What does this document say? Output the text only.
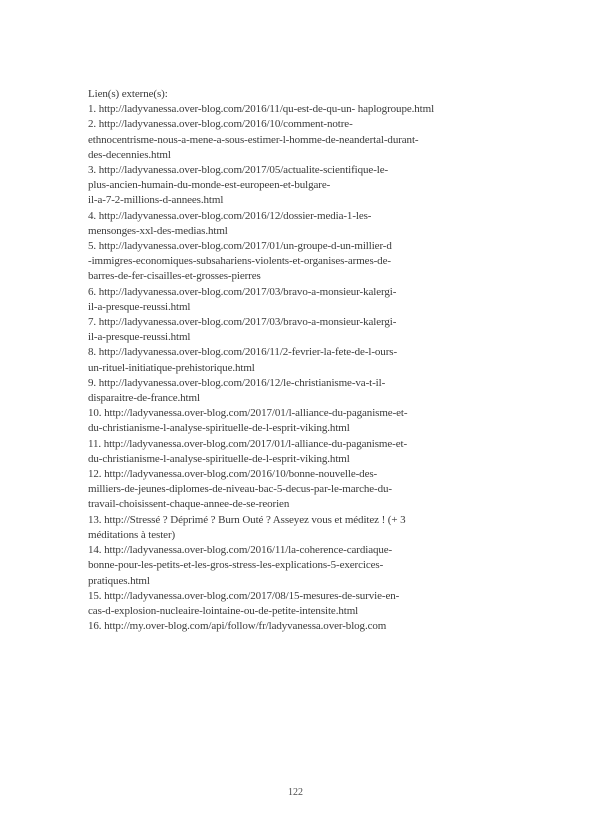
Lien(s) externe(s):

1. http://ladyvanessa.over-blog.com/2016/11/qu-est-de-qu-un- haplogroupe.html

2. http://ladyvanessa.over-blog.com/2016/10/comment-notre-

ethnocentrisme-nous-a-mene-a-sous-estimer-l-homme-de-neandertal-durant-

des-decennies.html

3. http://ladyvanessa.over-blog.com/2017/05/actualite-scientifique-le-

plus-ancien-humain-du-monde-est-europeen-et-bulgare-

il-a-7-2-millions-d-annees.html

4. http://ladyvanessa.over-blog.com/2016/12/dossier-media-1-les-

mensonges-xxl-des-medias.html

5. http://ladyvanessa.over-blog.com/2017/01/un-groupe-d-un-millier-d

-immigres-economiques-subsahariens-violents-et-organises-armes-de-

barres-de-fer-cisailles-et-grosses-pierres

6. http://ladyvanessa.over-blog.com/2017/03/bravo-a-monsieur-kalergi-

il-a-presque-reussi.html

7. http://ladyvanessa.over-blog.com/2017/03/bravo-a-monsieur-kalergi-

il-a-presque-reussi.html

8. http://ladyvanessa.over-blog.com/2016/11/2-fevrier-la-fete-de-l-ours-

un-rituel-initiatique-prehistorique.html

9. http://ladyvanessa.over-blog.com/2016/12/le-christianisme-va-t-il-

disparaitre-de-france.html

10. http://ladyvanessa.over-blog.com/2017/01/l-alliance-du-paganisme-et-

du-christianisme-l-analyse-spirituelle-de-l-esprit-viking.html

11. http://ladyvanessa.over-blog.com/2017/01/l-alliance-du-paganisme-et-

du-christianisme-l-analyse-spirituelle-de-l-esprit-viking.html

12. http://ladyvanessa.over-blog.com/2016/10/bonne-nouvelle-des-

milliers-de-jeunes-diplomes-de-niveau-bac-5-decus-par-le-marche-du-

travail-choisissent-chaque-annee-de-se-reorien

13. http://Stressé ? Déprimé ? Burn Outé ? Asseyez vous et méditez ! (+ 3

méditations à tester)

14. http://ladyvanessa.over-blog.com/2016/11/la-coherence-cardiaque-

bonne-pour-les-petits-et-les-gros-stress-les-explications-5-exercices-

pratiques.html

15. http://ladyvanessa.over-blog.com/2017/08/15-mesures-de-survie-en-

cas-d-explosion-nucleaire-lointaine-ou-de-petite-intensite.html

16. http://my.over-blog.com/api/follow/fr/ladyvanessa.over-blog.com

122
